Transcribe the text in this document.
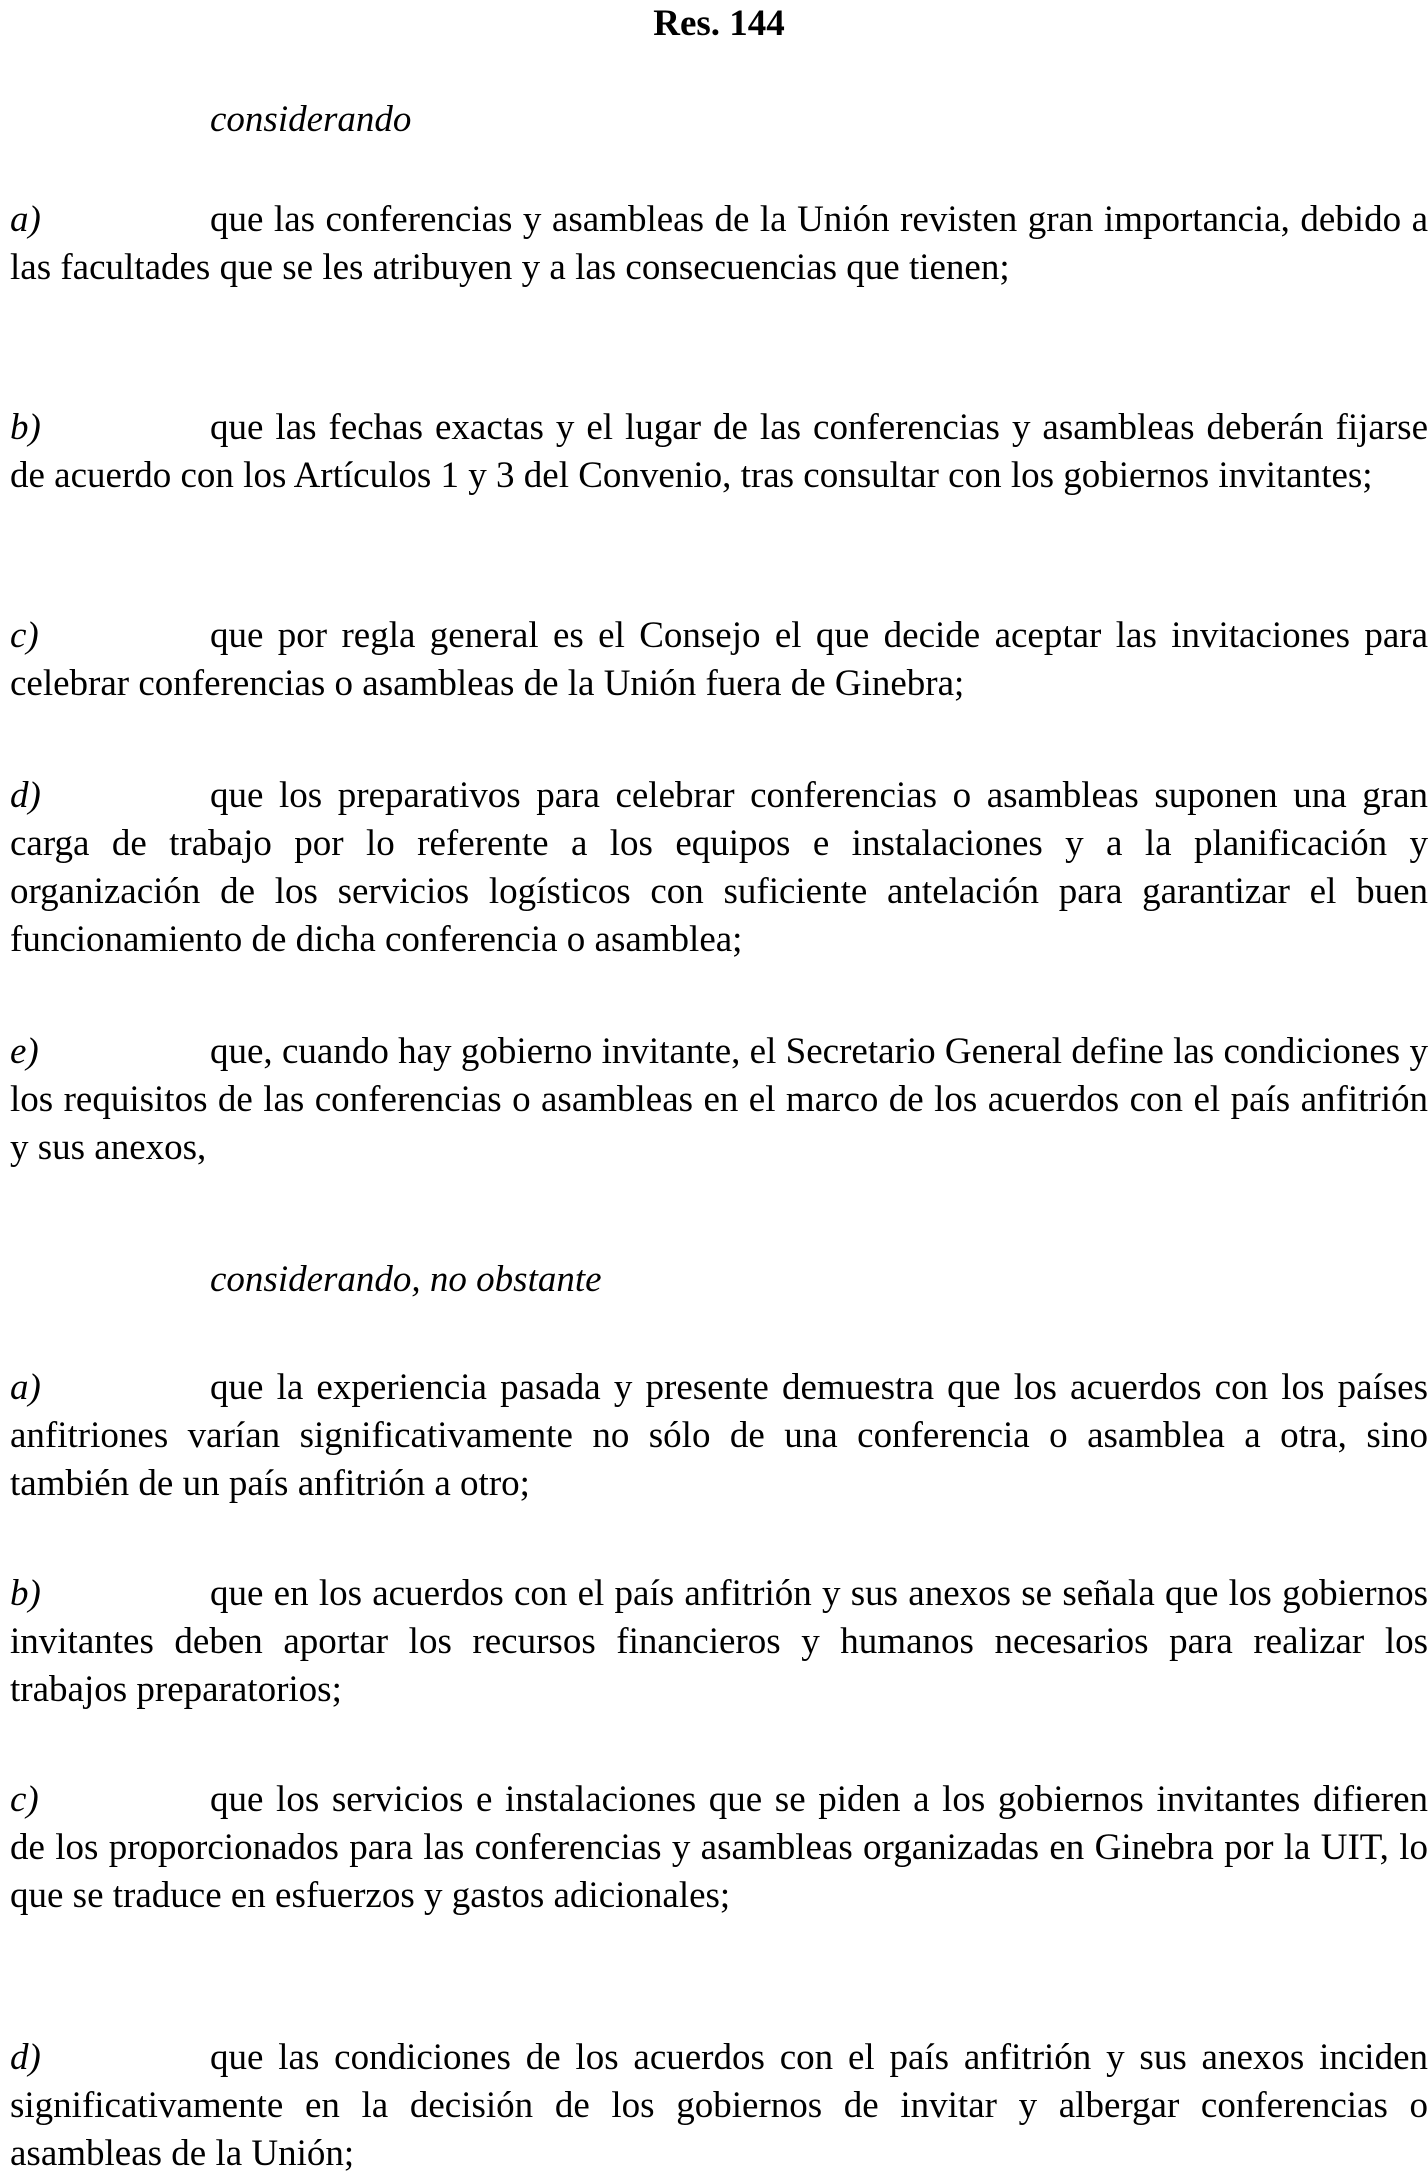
Res. 144
considerando

a)	que las conferencias y asambleas de la Unión revisten gran importancia, debido a las facultades que se les atribuyen y a las consecuencias que tienen;

b)	que las fechas exactas y el lugar de las conferencias y asambleas deberán fijarse de acuerdo con los Artículos 1 y 3 del Convenio, tras consultar con los gobiernos invitantes;

c)	que por regla general es el Consejo el que decide aceptar las invitaciones para celebrar conferencias o asambleas de la Unión fuera de Ginebra;

d)	que los preparativos para celebrar conferencias o asambleas suponen una gran carga de trabajo por lo referente a los equipos e instalaciones y a la planificación y organización de los servicios logísticos con suficiente antelación para garantizar el buen funcionamiento de dicha conferencia o asamblea;

e)	que, cuando hay gobierno invitante, el Secretario General define las condiciones y los requisitos de las conferencias o asambleas en el marco de los acuerdos con el país anfitrión y sus anexos,

considerando, no obstante

a)	que la experiencia pasada y presente demuestra que los acuerdos con los países anfitriones varían significativamente no sólo de una conferencia o asamblea a otra, sino también de un país anfitrión a otro;

b)	que en los acuerdos con el país anfitrión y sus anexos se señala que los gobiernos invitantes deben aportar los recursos financieros y humanos necesarios para realizar los trabajos preparatorios;

c)	que los servicios e instalaciones que se piden a los gobiernos invitantes difieren de los proporcionados para las conferencias y asambleas organizadas en Ginebra por la UIT, lo que se traduce en esfuerzos y gastos adicionales;

d)	que las condiciones de los acuerdos con el país anfitrión y sus anexos inciden significativamente en la decisión de los gobiernos de invitar y albergar conferencias o asambleas de la Unión;
